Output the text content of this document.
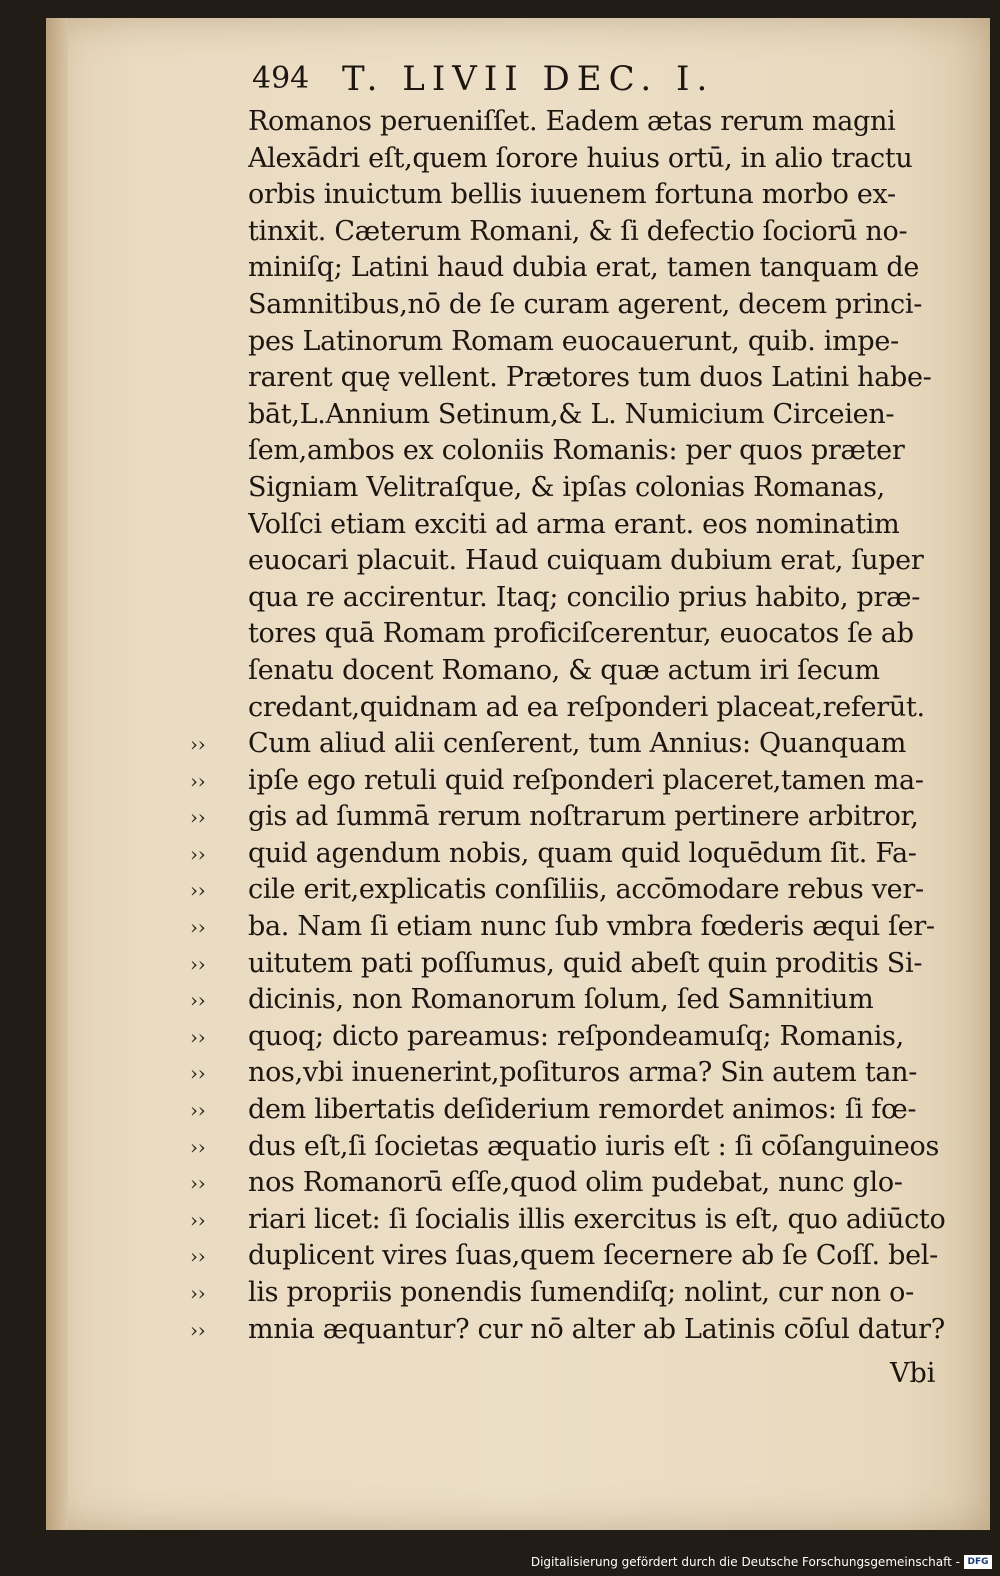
494 T. LIVII DEC. I.
Romanos perueniſſet. Eadem ætas rerum magni
Alexādri eſt,quem ſorore huius ortū, in alio tractu
orbis inuictum bellis iuuenem fortuna morbo ex-
tinxit. Cæterum Romani, & ſi defectio ſociorū no-
miniſq; Latini haud dubia erat, tamen tanquam de
Samnitibus,nō de ſe curam agerent, decem princi-
pes Latinorum Romam euocauerunt, quib. impe-
rarent quę vellent. Prætores tum duos Latini habe-
bāt,L.Annium Setinum,& L. Numicium Circeien-
ſem,ambos ex coloniis Romanis: per quos præter
Signiam Velitraſque, & ipſas colonias Romanas,
Volſci etiam exciti ad arma erant. eos nominatim
euocari placuit. Haud cuiquam dubium erat, ſuper
qua re accirentur. Itaq; concilio prius habito, præ-
tores quā Romam proficiſcerentur, euocatos ſe ab
ſenatu docent Romano, & quæ actum iri ſecum
credant,quidnam ad ea reſponderi placeat,referūt.
››	Cum aliud alii cenſerent, tum Annius: Quanquam
››	ipſe ego retuli quid reſponderi placeret,tamen ma-
››	gis ad ſummā rerum noſtrarum pertinere arbitror,
››	quid agendum nobis, quam quid loquēdum ſit. Fa-
››	cile erit,explicatis conſiliis, accōmodare rebus ver-
››	ba. Nam ſi etiam nunc ſub vmbra fœderis æqui ſer-
››	uitutem pati poſſumus, quid abeſt quin proditis Si-
››	dicinis, non Romanorum ſolum, ſed Samnitium
››	quoq; dicto pareamus: reſpondeamuſq; Romanis,
››	nos,vbi inuenerint,poſituros arma? Sin autem tan-
››	dem libertatis deſiderium remordet animos: ſi fœ-
››	dus eſt,ſi ſocietas æquatio iuris eſt : ſi cōſanguineos
››	nos Romanorū eſſe,quod olim pudebat, nunc glo-
››	riari licet: ſi ſocialis illis exercitus is eſt, quo adiūcto
››	duplicent vires ſuas,quem ſecernere ab ſe Coſſ. bel-
››	lis propriis ponendis ſumendiſq; nolint, cur non o-
››	mnia æquantur? cur nō alter ab Latinis cōſul datur?
Vbi
Digitalisierung gefördert durch die Deutsche Forschungsgemeinschaft - DFG
